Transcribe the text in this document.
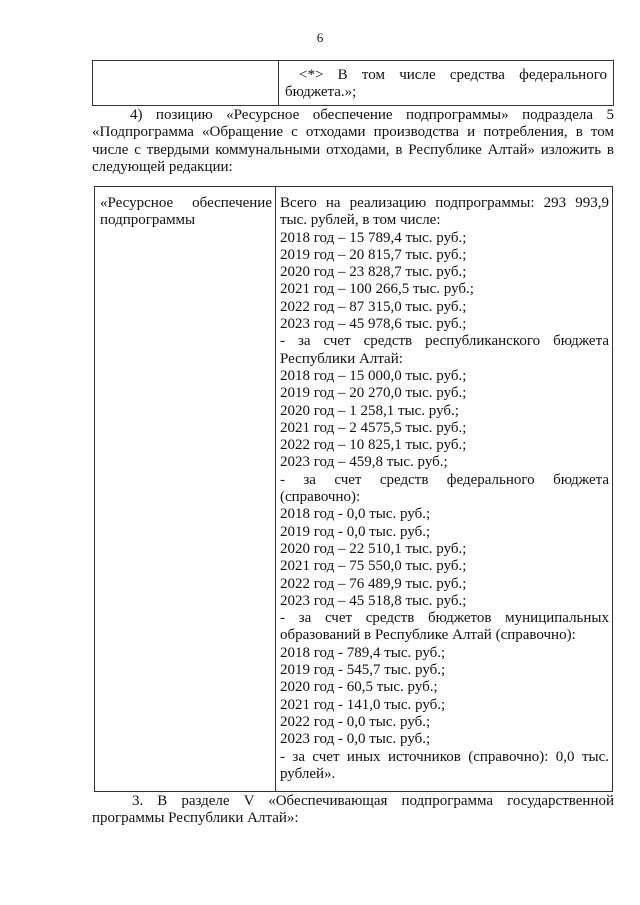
6

<*> В том числе средства федерального
бюджета.»;
4) позицию «Ресурсное обеспечение подпрограммы» подраздела 5
«Подпрограмма «Обращение с отходами производства и потребления, в том
числе с твердыми коммунальными отходами, в Республике Алтай» изложить в
следующей редакции:
«Ресурсное обеспечение
подпрограммы

Всего на реализацию подпрограммы: 293 993,9
тыс. рублей, в том числе:
2018 год – 15 789,4 тыс. руб.;
2019 год – 20 815,7 тыс. руб.;
2020 год – 23 828,7 тыс. руб.;
2021 год – 100 266,5 тыс. руб.;
2022 год – 87 315,0 тыс. руб.;
2023 год – 45 978,6 тыс. руб.;
- за счет средств республиканского бюджета
Республики Алтай:
2018 год – 15 000,0 тыс. руб.;
2019 год – 20 270,0 тыс. руб.;
2020 год – 1 258,1 тыс. руб.;
2021 год – 2 4575,5 тыс. руб.;
2022 год – 10 825,1 тыс. руб.;
2023 год – 459,8 тыс. руб.;
- за счет средств федерального бюджета
(справочно):
2018 год - 0,0 тыс. руб.;
2019 год - 0,0 тыс. руб.;
2020 год – 22 510,1 тыс. руб.;
2021 год – 75 550,0 тыс. руб.;
2022 год – 76 489,9 тыс. руб.;
2023 год – 45 518,8 тыс. руб.;
- за счет средств бюджетов муниципальных
образований в Республике Алтай (справочно):
2018 год - 789,4 тыс. руб.;
2019 год - 545,7 тыс. руб.;
2020 год - 60,5 тыс. руб.;
2021 год - 141,0 тыс. руб.;
2022 год - 0,0 тыс. руб.;
2023 год - 0,0 тыс. руб.;
- за счет иных источников (справочно): 0,0 тыс.
рублей».
3. В разделе V «Обеспечивающая подпрограмма государственной
программы Республики Алтай»:
